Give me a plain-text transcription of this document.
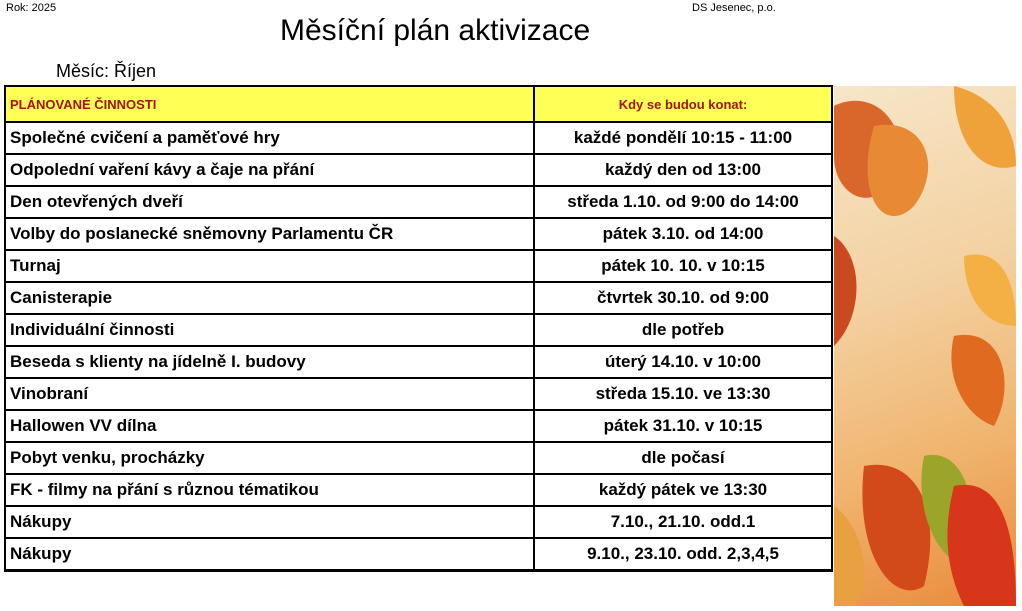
Rok: 2025	DS Jesenec, p.o.
Měsíční plán aktivizace
Měsíc: Říjen
PLÁNOVANÉ ČINNOSTI	Kdy se budou konat:
Společné cvičení a paměťové hry	každé pondělí 10:15 - 11:00
Odpolední vaření kávy a čaje na přání	každý den od 13:00
Den otevřených dveří	středa 1.10. od 9:00 do 14:00
Volby do poslanecké sněmovny Parlamentu ČR	pátek 3.10. od 14:00
Turnaj	pátek 10. 10. v 10:15
Canisterapie	čtvrtek 30.10. od 9:00
Individuální činnosti	dle potřeb
Beseda s klienty na jídelně I. budovy	úterý 14.10. v 10:00
Vinobraní	středa 15.10. ve 13:30
Hallowen VV dílna	pátek 31.10. v 10:15
Pobyt venku, procházky	dle počasí
FK - filmy na přání s různou tématikou	každý pátek ve 13:30
Nákupy	7.10., 21.10. odd.1
Nákupy	9.10., 23.10. odd. 2,3,4,5
